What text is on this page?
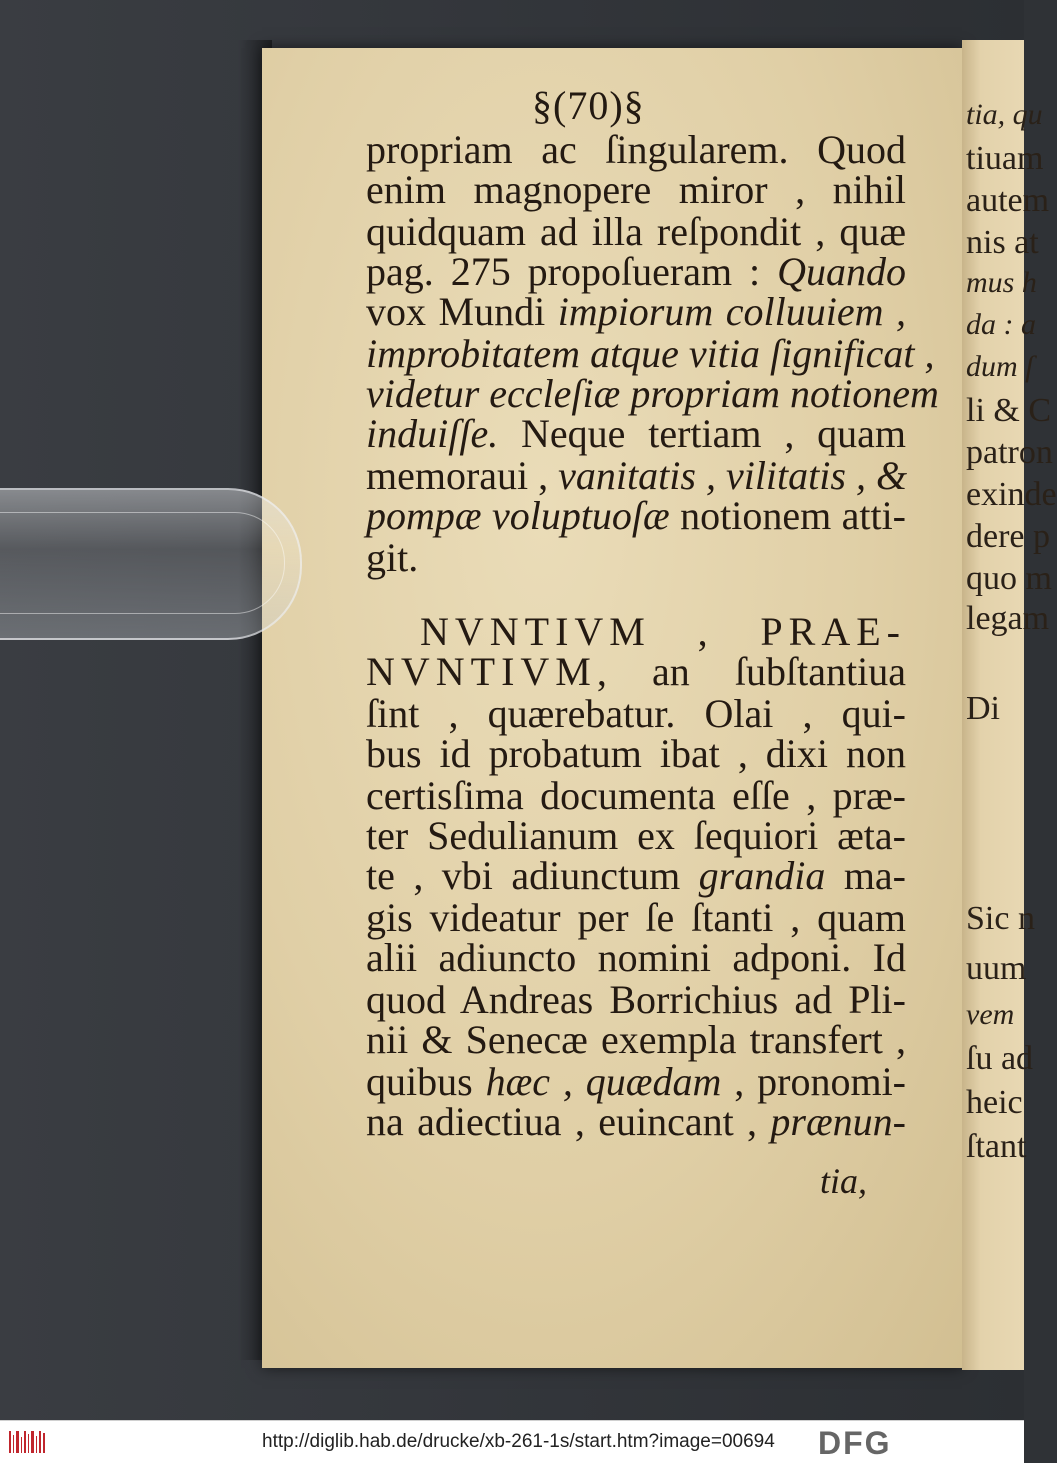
tia, qu
tiuam
autem
nis at
mus h
da : a
dum ſ
li & C
patron
exinde
dere p
quo m
legam
Di
Sic n
uum
vem
ſu ad
heic
ſtant
§(70)§
propriam ac ſingularem. Quod
enim magnopere miror , nihil
quidquam ad illa reſpondit , quæ
pag. 275 propoſueram : Quando
vox Mundi impiorum colluuiem ,
improbitatem atque vitia ſignificat ,
videtur eccleſiæ propriam notionem
induiſſe. Neque tertiam , quam
memoraui , vanitatis , vilitatis , &
pompæ voluptuoſæ notionem atti-
git.
NVNTIVM , PRAE-
NVNTIVM, an ſubſtantiua
ſint , quærebatur. Olai , qui-
bus id probatum ibat , dixi non
certisſima documenta eſſe , præ-
ter Sedulianum ex ſequiori æta-
te , vbi adiunctum grandia ma-
gis videatur per ſe ſtanti , quam
alii adiuncto nomini adponi. Id
quod Andreas Borrichius ad Pli-
nii & Senecæ exempla transfert ,
quibus hæc , quædam , pronomi-
na adiectiua , euincant , prænun-
tia,
http://diglib.hab.de/drucke/xb-261-1s/start.htm?image=00694 DFG
